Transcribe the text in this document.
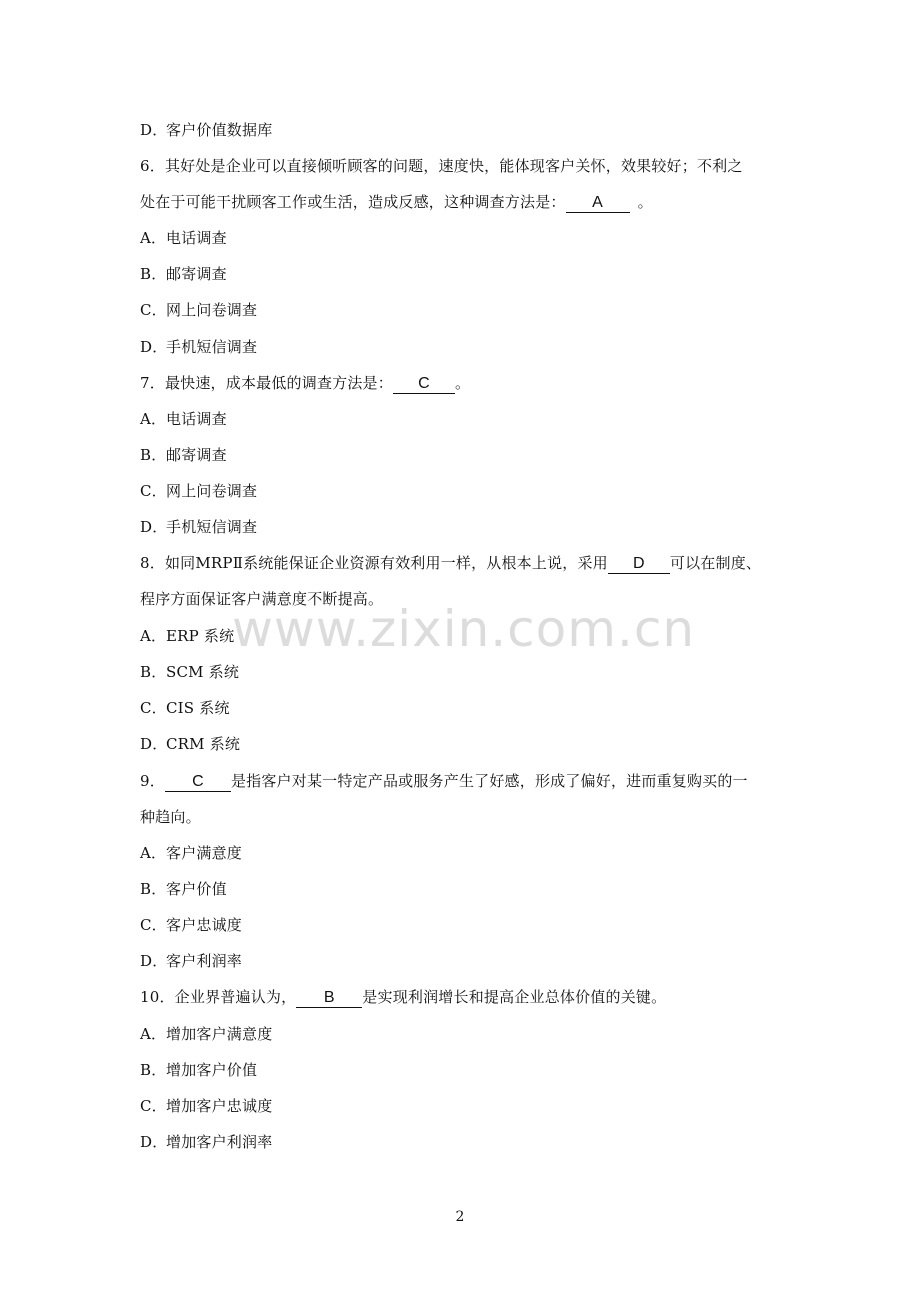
D．客户价值数据库
6．其好处是企业可以直接倾听顾客的问题，速度快，能体现客户关怀，效果较好；不利之
处在于可能干扰顾客工作或生活，造成反感，这种调查方法是： A 。
A．电话调查
B．邮寄调查
C．网上问卷调查
D．手机短信调查
7．最快速，成本最低的调查方法是： C 。
A．电话调查
B．邮寄调查
C．网上问卷调查
D．手机短信调查
8．如同MRPⅡ系统能保证企业资源有效利用一样，从根本上说，采用 D 可以在制度、
程序方面保证客户满意度不断提高。
A．ERP 系统
B．SCM 系统
C．CIS 系统
D．CRM 系统
9． C 是指客户对某一特定产品或服务产生了好感，形成了偏好，进而重复购买的一
种趋向。
A．客户满意度
B．客户价值
C．客户忠诚度
D．客户利润率
10．企业界普遍认为， B 是实现利润增长和提高企业总体价值的关键。
A．增加客户满意度
B．增加客户价值
C．增加客户忠诚度
D．增加客户利润率
www.zixin.com.cn
2
